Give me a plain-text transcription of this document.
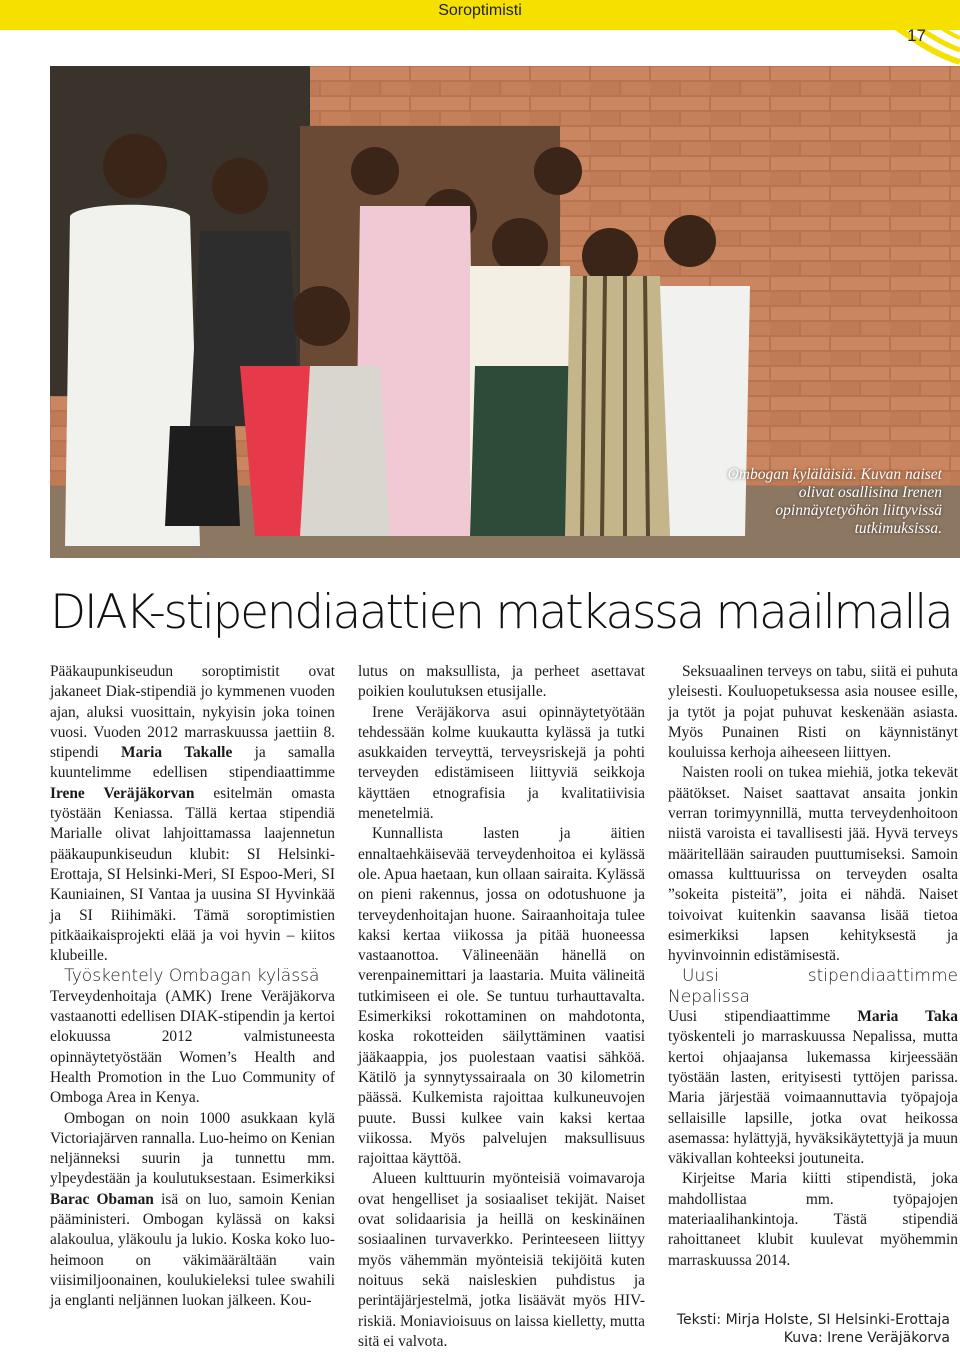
Soroptimisti
17
Ombogan kyläläisiä. Kuvan naiset olivat osallisina Irenen opinnäytetyöhön liittyvissä tutkimuksissa.
DIAK-stipendiaattien matkassa maailmalla

Pääkaupunkiseudun soroptimistit ovat jakaneet Diak-stipendiä jo kymmenen vuoden ajan, aluksi vuosittain, nykyisin joka toinen vuosi. Vuoden 2012 marraskuussa jaettiin 8. stipendi Maria Takalle ja samalla kuuntelimme edellisen stipendiaattimme Irene Veräjäkorvan esitelmän omasta työstään Keniassa. Tällä kertaa stipendiä Marialle olivat lahjoittamassa laajennetun pääkaupunkiseudun klubit: SI Helsinki-Erottaja, SI Helsinki-Meri, SI Espoo-Meri, SI Kauniainen, SI Vantaa ja uusina SI Hyvinkää ja SI Riihimäki. Tämä soroptimistien pitkäaikaisprojekti elää ja voi hyvin – kiitos klubeille.

Työskentely Ombagan kylässä

Terveydenhoitaja (AMK) Irene Veräjäkorva vastaanotti edellisen DIAK-stipendin ja kertoi elokuussa 2012 valmistuneesta opinnäytetyöstään Women’s Health and Health Promotion in the Luo Community of Omboga Area in Kenya.

Ombogan on noin 1000 asukkaan kylä Victoriajärven rannalla. Luo-heimo on Kenian neljänneksi suurin ja tunnettu mm. ylpeydestään ja koulutuksestaan. Esimerkiksi Barac Obaman isä on luo, samoin Kenian pääministeri. Ombogan kylässä on kaksi alakoulua, yläkoulu ja lukio. Koska koko luo-heimoon on väkimäärältään vain viisimiljoonainen, koulukieleksi tulee swahili ja englanti neljännen luokan jälkeen. Kou-

lutus on maksullista, ja perheet asettavat poikien koulutuksen etusijalle.

Irene Veräjäkorva asui opinnäytetyötään tehdessään kolme kuukautta kylässä ja tutki asukkaiden terveyttä, terveysriskejä ja pohti terveyden edistämiseen liittyviä seikkoja käyttäen etnografisia ja kvalitatiivisia menetelmiä.

Kunnallista lasten ja äitien ennaltaehkäisevää terveydenhoitoa ei kylässä ole. Apua haetaan, kun ollaan sairaita. Kylässä on pieni rakennus, jossa on odotushuone ja terveydenhoitajan huone. Sairaanhoitaja tulee kaksi kertaa viikossa ja pitää huoneessa vastaanottoa. Välineenään hänellä on verenpainemittari ja laastaria. Muita välineitä tutkimiseen ei ole. Se tuntuu turhauttavalta. Esimerkiksi rokottaminen on mahdotonta, koska rokotteiden säilyttäminen vaatisi jääkaappia, jos puolestaan vaatisi sähköä. Kätilö ja synnytyssairaala on 30 kilometrin päässä. Kulkemista rajoittaa kulkuneuvojen puute. Bussi kulkee vain kaksi kertaa viikossa. Myös palvelujen maksullisuus rajoittaa käyttöä.

Alueen kulttuurin myönteisiä voimavaroja ovat hengelliset ja sosiaaliset tekijät. Naiset ovat solidaarisia ja heillä on keskinäinen sosiaalinen turvaverkko. Perinteeseen liittyy myös vähemmän myönteisiä tekijöitä kuten noituus sekä naisleskien puhdistus ja perintäjärjestelmä, jotka lisäävät myös HIV-riskiä. Moniavioisuus on laissa kielletty, mutta sitä ei valvota.

Seksuaalinen terveys on tabu, siitä ei puhuta yleisesti. Kouluopetuksessa asia nousee esille, ja tytöt ja pojat puhuvat keskenään asiasta. Myös Punainen Risti on käynnistänyt kouluissa kerhoja aiheeseen liittyen.

Naisten rooli on tukea miehiä, jotka tekevät päätökset. Naiset saattavat ansaita jonkin verran torimyynnillä, mutta terveydenhoitoon niistä varoista ei tavallisesti jää. Hyvä terveys määritellään sairauden puuttumiseksi. Samoin omassa kulttuurissa on terveyden osalta ”sokeita pisteitä”, joita ei nähdä. Naiset toivoivat kuitenkin saavansa lisää tietoa esimerkiksi lapsen kehityksestä ja hyvinvoinnin edistämisestä.

Uusi stipendiaattimme Nepalissa

Uusi stipendiaattimme Maria Taka työskenteli jo marraskuussa Nepalissa, mutta kertoi ohjaajansa lukemassa kirjeessään työstään lasten, erityisesti tyttöjen parissa. Maria järjestää voimaannuttavia työpajoja sellaisille lapsille, jotka ovat heikossa asemassa: hylättyjä, hyväksikäytettyjä ja muun väkivallan kohteeksi joutuneita.

Kirjeitse Maria kiitti stipendistä, joka mahdollistaa mm. työpajojen materiaalihankintoja. Tästä stipendiä rahoittaneet klubit kuulevat myöhemmin marraskuussa 2014.

Teksti: Mirja Holste, SI Helsinki-Erottaja
Kuva: Irene Veräjäkorva
